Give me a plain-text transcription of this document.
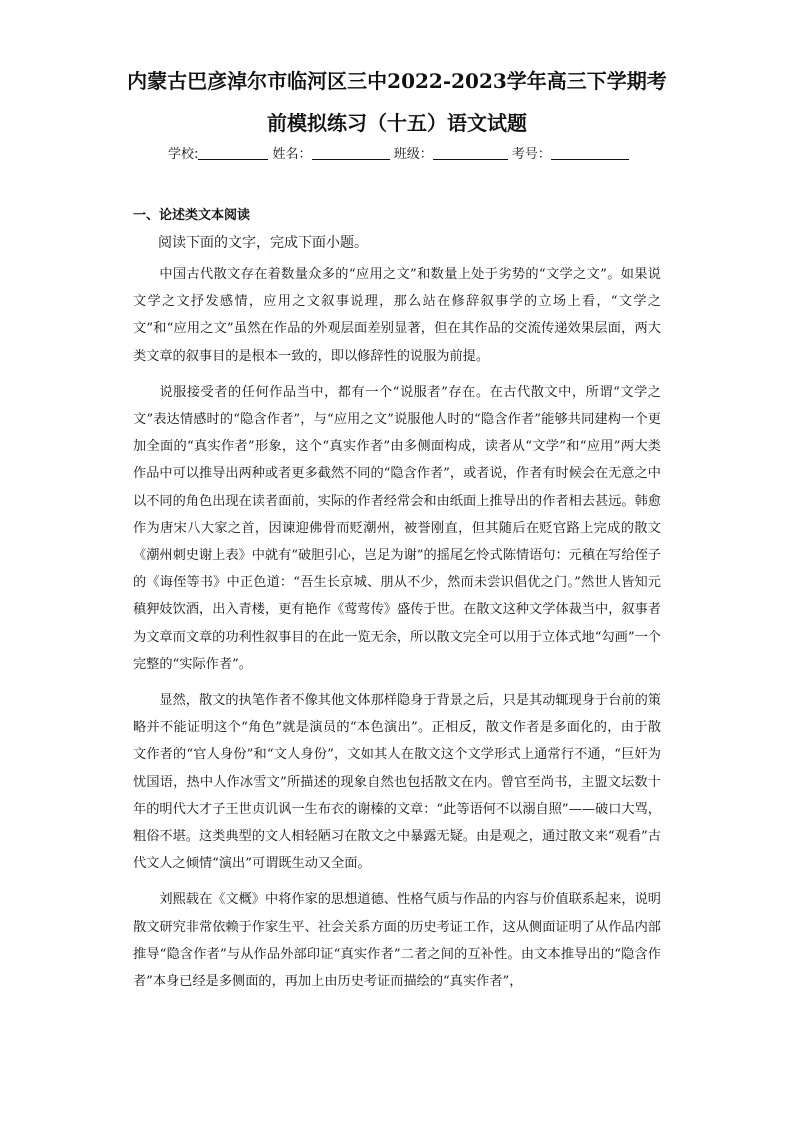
内蒙古巴彦淖尔市临河区三中2022-2023学年高三下学期考
前模拟练习（十五）语文试题
学校:	姓名：	班级：	考号：
一、论述类文本阅读
阅读下面的文字，完成下面小题。

中国古代散文存在着数量众多的“应用之文”和数量上处于劣势的“文学之文”。如果说文学之文抒发感情，应用之文叙事说理，那么站在修辞叙事学的立场上看，“文学之文”和“应用之文”虽然在作品的外观层面差别显著，但在其作品的交流传递效果层面，两大类文章的叙事目的是根本一致的，即以修辞性的说服为前提。

说服接受者的任何作品当中，都有一个“说服者”存在。在古代散文中，所谓“文学之文”表达情感时的“隐含作者”，与“应用之文”说服他人时的“隐含作者”能够共同建构一个更加全面的“真实作者”形象，这个“真实作者”由多侧面构成，读者从“文学”和“应用”两大类作品中可以推导出两种或者更多截然不同的“隐含作者”，或者说，作者有时候会在无意之中以不同的角色出现在读者面前，实际的作者经常会和由纸面上推导出的作者相去甚远。韩愈作为唐宋八大家之首，因谏迎佛骨而贬潮州，被誉刚直，但其随后在贬官路上完成的散文《潮州刺史谢上表》中就有“破胆引心，岂足为谢”的摇尾乞怜式陈情语句：元稹在写给侄子的《诲侄等书》中正色道：“吾生长京城、朋从不少，然而未尝识倡优之门。”然世人皆知元稹狎妓饮酒，出入青楼，更有艳作《莺莺传》盛传于世。在散文这种文学体裁当中，叙事者为文章而文章的功利性叙事目的在此一览无余，所以散文完全可以用于立体式地“勾画”一个完整的“实际作者”。

显然，散文的执笔作者不像其他文体那样隐身于背景之后，只是其动辄现身于台前的策略并不能证明这个“角色”就是演员的“本色演出”。正相反，散文作者是多面化的，由于散文作者的“官人身份”和“文人身份”，文如其人在散文这个文学形式上通常行不通，“巨奸为忧国语，热中人作冰雪文”所描述的现象自然也包括散文在内。曾官至尚书，主盟文坛数十年的明代大才子王世贞讥讽一生布衣的谢榛的文章：“此等语何不以溺自照”——破口大骂，粗俗不堪。这类典型的文人相轻陋习在散文之中暴露无疑。由是观之，通过散文来“观看”古代文人之倾情“演出”可谓既生动又全面。

刘熙载在《文概》中将作家的思想道德、性格气质与作品的内容与价值联系起来，说明散文研究非常依赖于作家生平、社会关系方面的历史考证工作，这从侧面证明了从作品内部推导“隐含作者”与从作品外部印证“真实作者”二者之间的互补性。由文本推导出的“隐含作者”本身已经是多侧面的，再加上由历史考证而描绘的“真实作者”，
